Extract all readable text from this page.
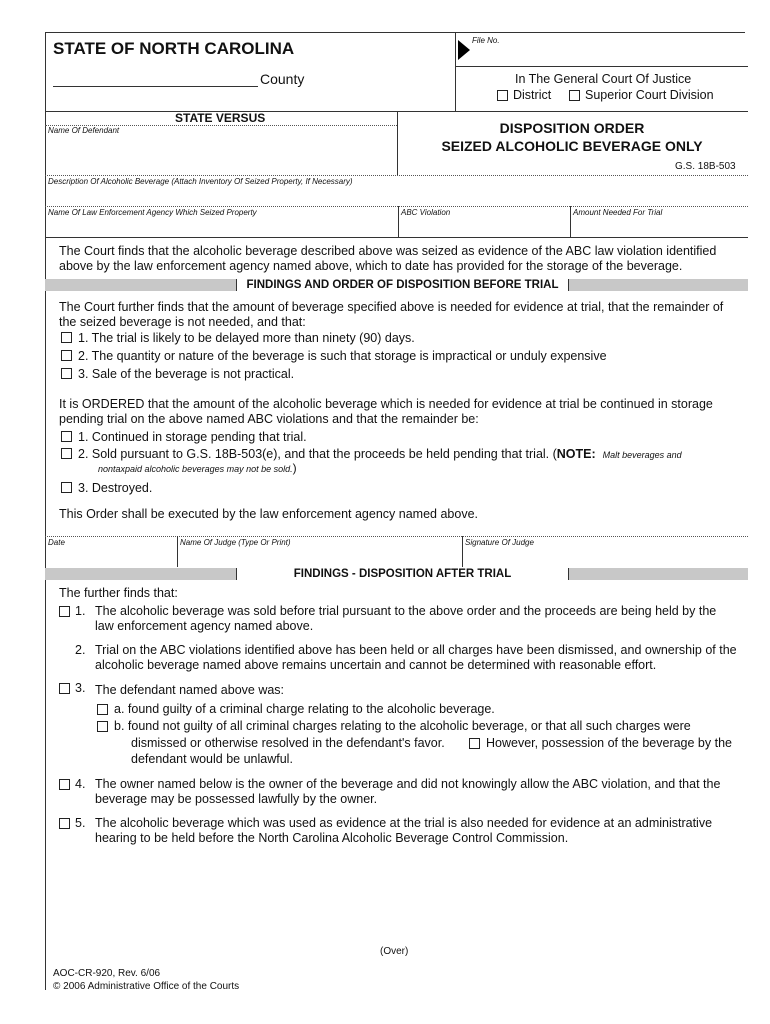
STATE OF NORTH CAROLINA
County
File No.
In The General Court Of Justice
District	Superior Court Division
STATE VERSUS
Name Of Defendant	DISPOSITION ORDER
SEIZED ALCOHOLIC BEVERAGE ONLY
G.S. 18B-503
Description Of Alcoholic Beverage (Attach Inventory Of Seized Property, If Necessary)
Name Of Law Enforcement Agency Which Seized Property	ABC Violation	Amount Needed For Trial
The Court finds that the alcoholic beverage described above was seized as evidence of the ABC law violation identified
above by the law enforcement agency named above, which to date has provided for the storage of the beverage.
FINDINGS AND ORDER OF DISPOSITION BEFORE TRIAL
The Court further finds that the amount of beverage specified above is needed for evidence at trial, that the remainder of
the seized beverage is not needed, and that:
1. The trial is likely to be delayed more than ninety (90) days.
2. The quantity or nature of the beverage is such that storage is impractical or unduly expensive
3. Sale of the beverage is not practical.
It is ORDERED that the amount of the alcoholic beverage which is needed for evidence at trial be continued in storage
pending trial on the above named ABC violations and that the remainder be:
1. Continued in storage pending that trial.
2. Sold pursuant to G.S. 18B-503(e), and that the proceeds be held pending that trial. (NOTE: Malt beverages and
nontaxpaid alcoholic beverages may not be sold.)
3. Destroyed.
This Order shall be executed by the law enforcement agency named above.
Date	Name Of Judge (Type Or Print)	Signature Of Judge
FINDINGS - DISPOSITION AFTER TRIAL
The further finds that:
1. The alcoholic beverage was sold before trial pursuant to the above order and the proceeds are being held by the
law enforcement agency named above.
2. Trial on the ABC violations identified above has been held or all charges have been dismissed, and ownership of the
alcoholic beverage named above remains uncertain and cannot be determined with reasonable effort.
3. The defendant named above was:
a. found guilty of a criminal charge relating to the alcoholic beverage.
b. found not guilty of all criminal charges relating to the alcoholic beverage, or that all such charges were
dismissed or otherwise resolved in the defendant's favor.	However, possession of the beverage by the
defendant would be unlawful.
4. The owner named below is the owner of the beverage and did not knowingly allow the ABC violation, and that the
beverage may be possessed lawfully by the owner.
5. The alcoholic beverage which was used as evidence at the trial is also needed for evidence at an administrative
hearing to be held before the North Carolina Alcoholic Beverage Control Commission.
(Over)
AOC-CR-920, Rev. 6/06
© 2006 Administrative Office of the Courts
